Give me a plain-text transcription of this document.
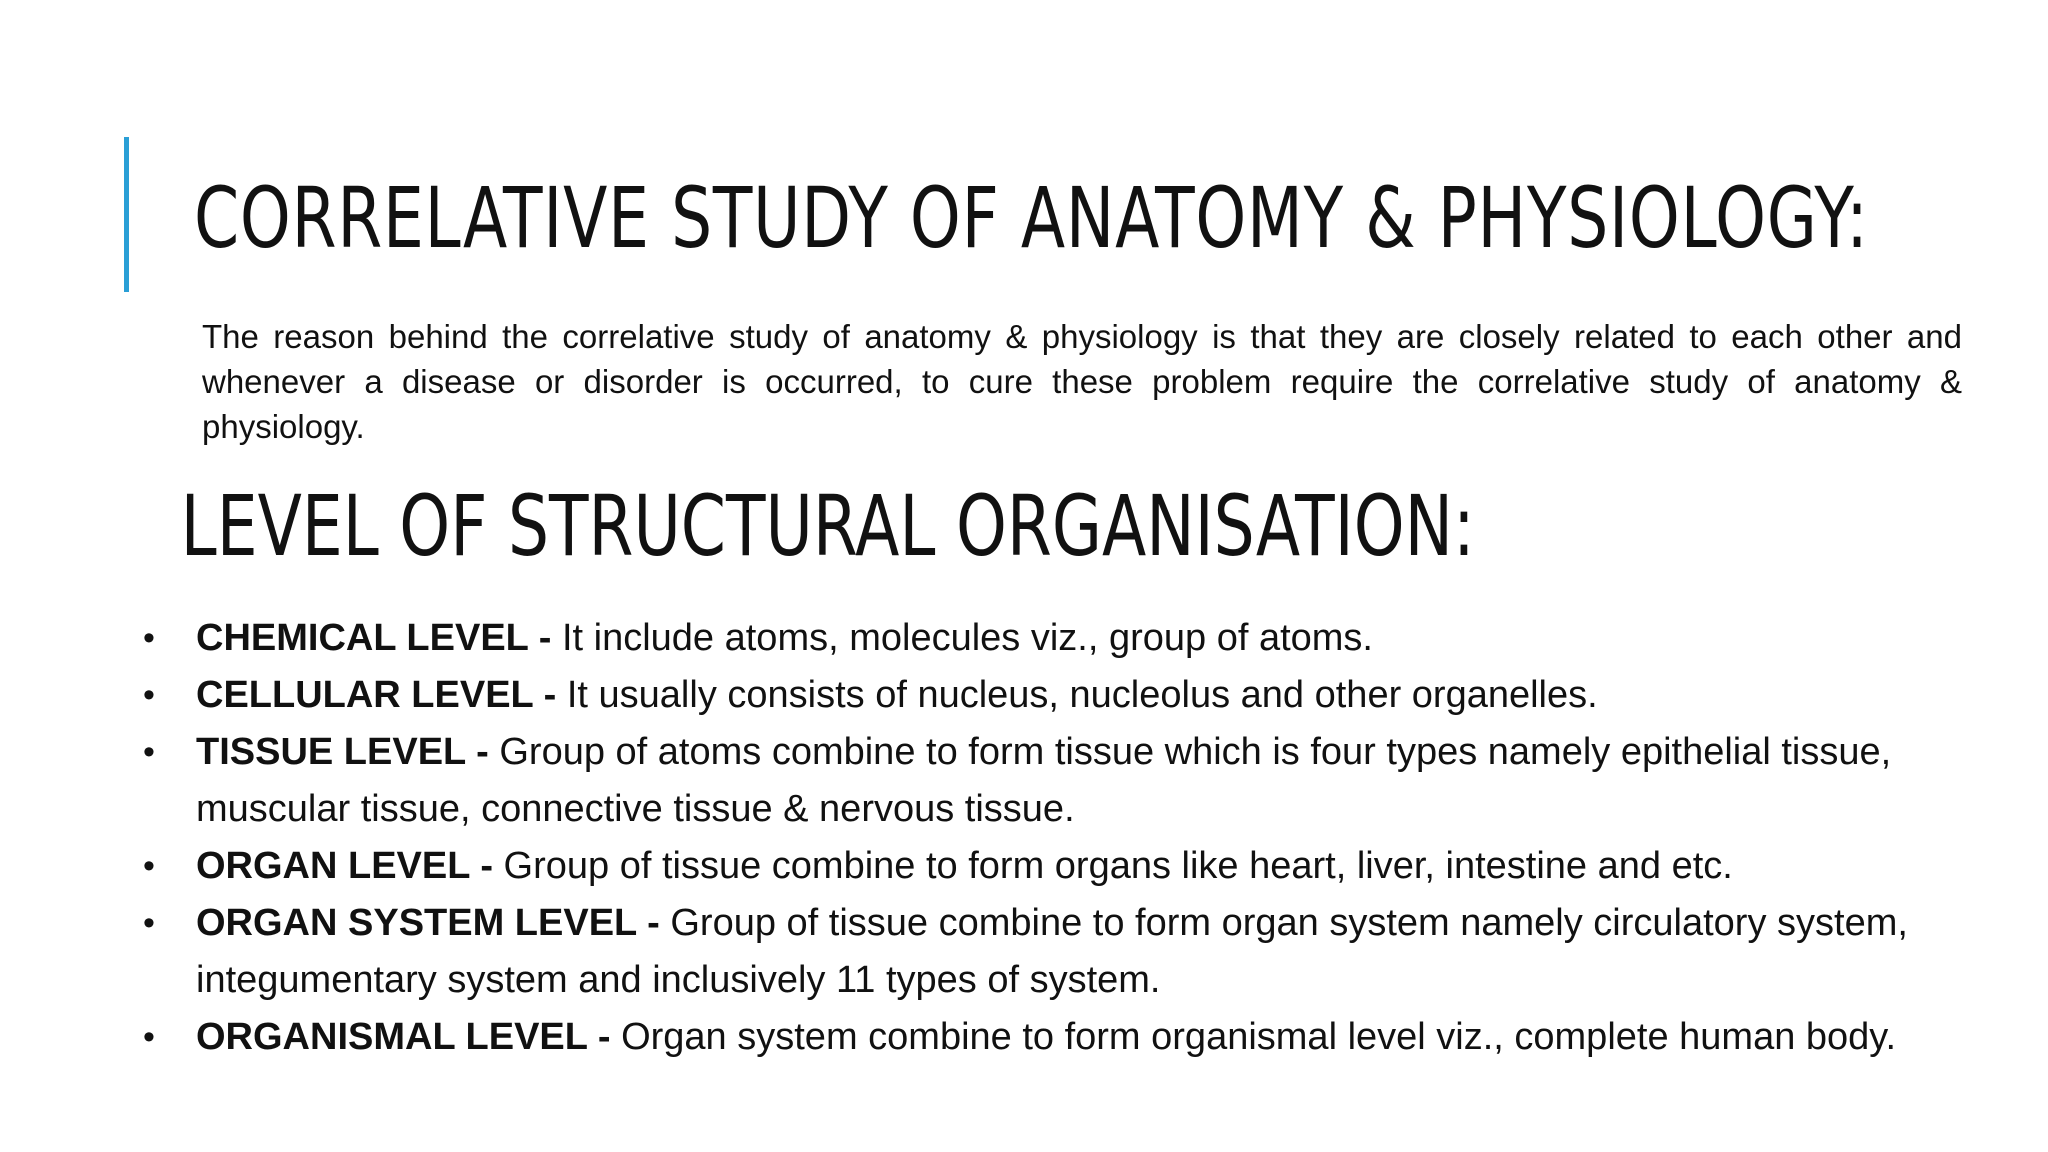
CORRELATIVE STUDY OF ANATOMY & PHYSIOLOGY:

The reason behind the correlative study of anatomy & physiology is that they are closely related to each other and whenever a disease or disorder is occurred, to cure these problem require the correlative study of anatomy & physiology.

LEVEL OF STRUCTURAL ORGANISATION:
• CHEMICAL LEVEL - It include atoms, molecules viz., group of atoms.
• CELLULAR LEVEL - It usually consists of nucleus, nucleolus and other organelles.
• TISSUE LEVEL - Group of atoms combine to form tissue which is four types namely epithelial tissue, muscular tissue, connective tissue & nervous tissue.
• ORGAN LEVEL - Group of tissue combine to form organs like heart, liver, intestine and etc.
• ORGAN SYSTEM LEVEL - Group of tissue combine to form organ system namely circulatory system, integumentary system and inclusively 11 types of system.
• ORGANISMAL LEVEL - Organ system combine to form organismal level viz., complete human body.
